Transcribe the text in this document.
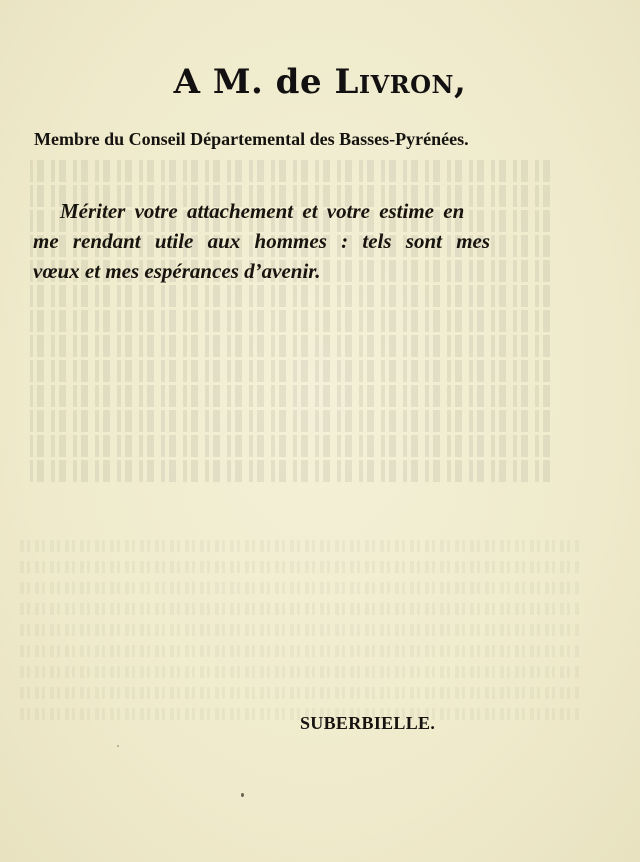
A M. de Livron,
Membre du Conseil Départemental des Basses-Pyrénées.
Mériter votre attachement et votre estime en
me rendant utile aux hommes : tels sont mes
vœux et mes espérances d’avenir.
SUBERBIELLE.
